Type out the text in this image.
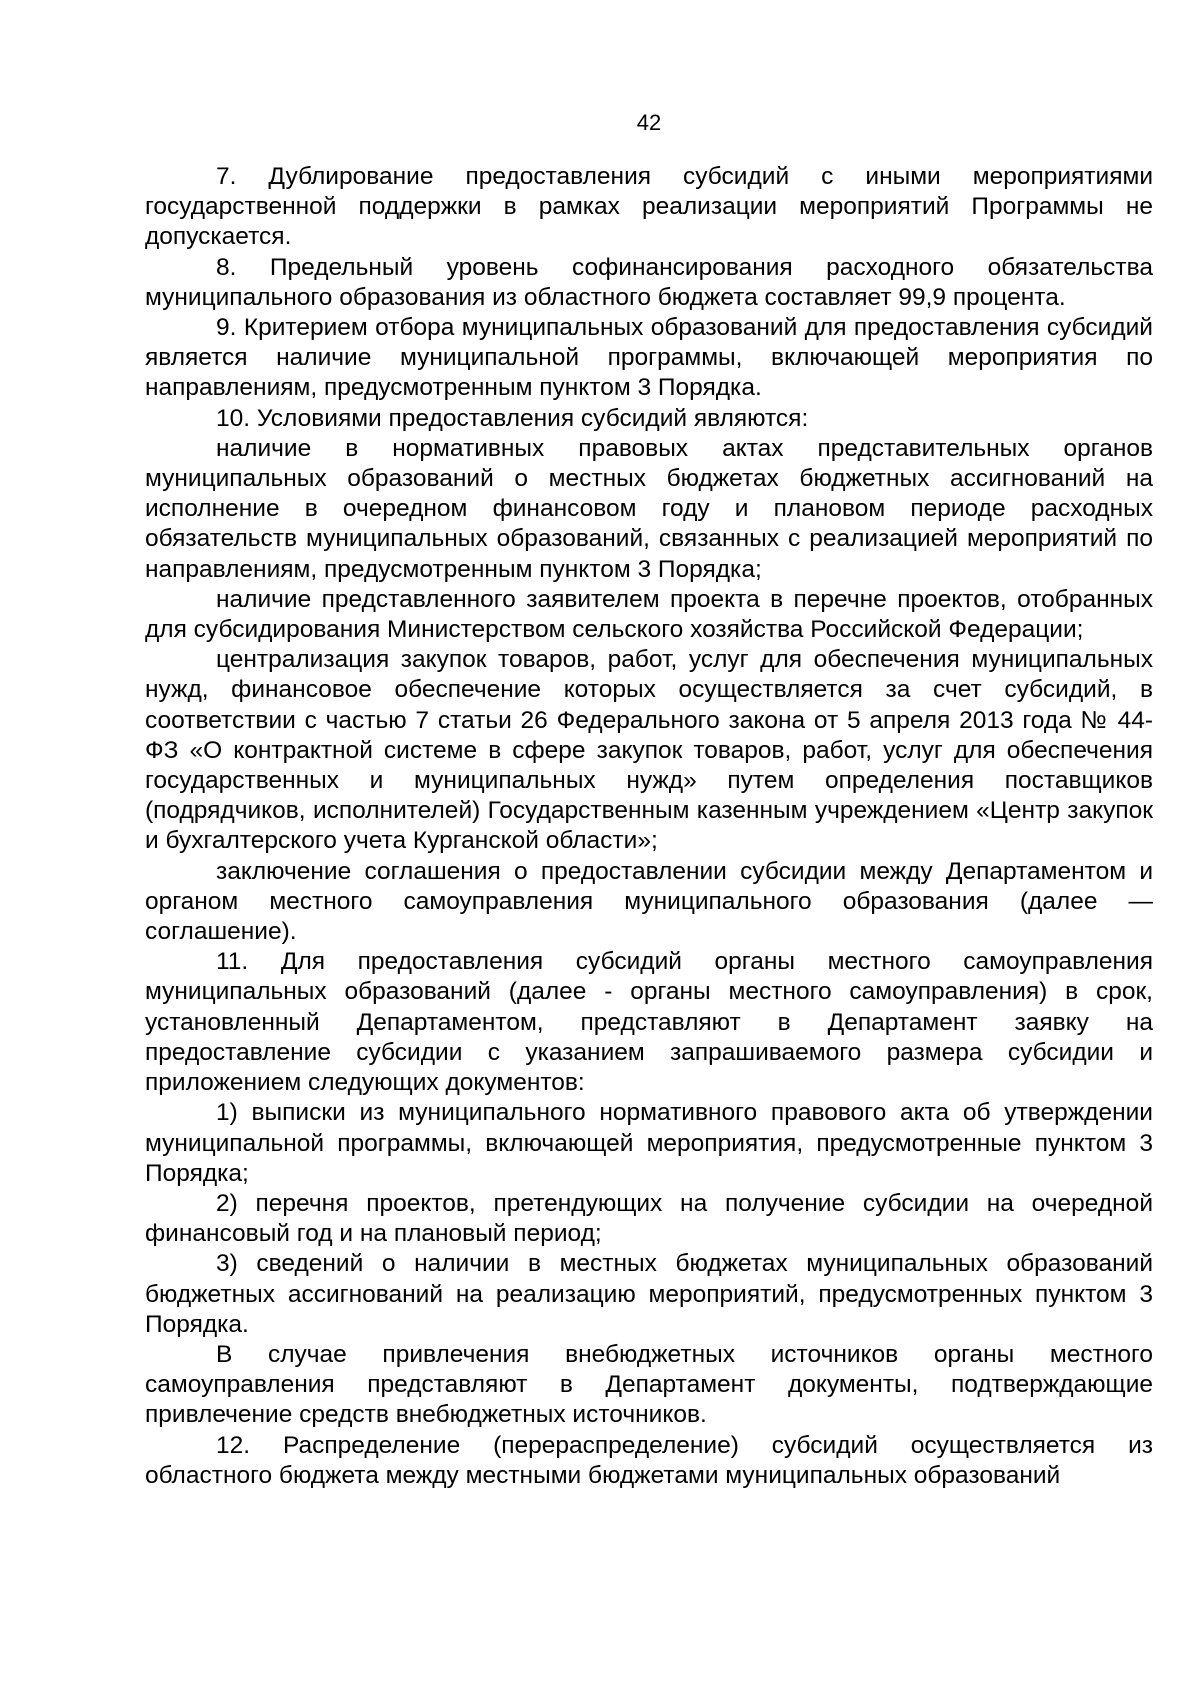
42

7. Дублирование предоставления субсидий с иными мероприятиями государственной поддержки в рамках реализации мероприятий Программы не допускается.

8. Предельный уровень софинансирования расходного обязательства муниципального образования из областного бюджета составляет 99,9 процента.

9. Критерием отбора муниципальных образований для предоставления субсидий является наличие муниципальной программы, включающей мероприятия по направлениям, предусмотренным пунктом 3 Порядка.

10. Условиями предоставления субсидий являются:

наличие в нормативных правовых актах представительных органов муниципальных образований о местных бюджетах бюджетных ассигнований на исполнение в очередном финансовом году и плановом периоде расходных обязательств муниципальных образований, связанных с реализацией мероприятий по направлениям, предусмотренным пунктом 3 Порядка;

наличие представленного заявителем проекта в перечне проектов, отобранных для субсидирования Министерством сельского хозяйства Российской Федерации;

централизация закупок товаров, работ, услуг для обеспечения муниципальных нужд, финансовое обеспечение которых осуществляется за счет субсидий, в соответствии с частью 7 статьи 26 Федерального закона от 5 апреля 2013 года № 44-ФЗ «О контрактной системе в сфере закупок товаров, работ, услуг для обеспечения государственных и муниципальных нужд» путем определения поставщиков (подрядчиков, исполнителей) Государственным казенным учреждением «Центр закупок и бухгалтерского учета Курганской области»;

заключение соглашения о предоставлении субсидии между Департаментом и органом местного самоуправления муниципального образования (далее — соглашение).

11. Для предоставления субсидий органы местного самоуправления муниципальных образований (далее - органы местного самоуправления) в срок, установленный Департаментом, представляют в Департамент заявку на предоставление субсидии с указанием запрашиваемого размера субсидии и приложением следующих документов:

1) выписки из муниципального нормативного правового акта об утверждении муниципальной программы, включающей мероприятия, предусмотренные пунктом 3 Порядка;

2) перечня проектов, претендующих на получение субсидии на очередной финансовый год и на плановый период;

3) сведений о наличии в местных бюджетах муниципальных образований бюджетных ассигнований на реализацию мероприятий, предусмотренных пунктом 3 Порядка.

В случае привлечения внебюджетных источников органы местного самоуправления представляют в Департамент документы, подтверждающие привлечение средств внебюджетных источников.

12. Распределение (перераспределение) субсидий осуществляется из областного бюджета между местными бюджетами муниципальных образований
